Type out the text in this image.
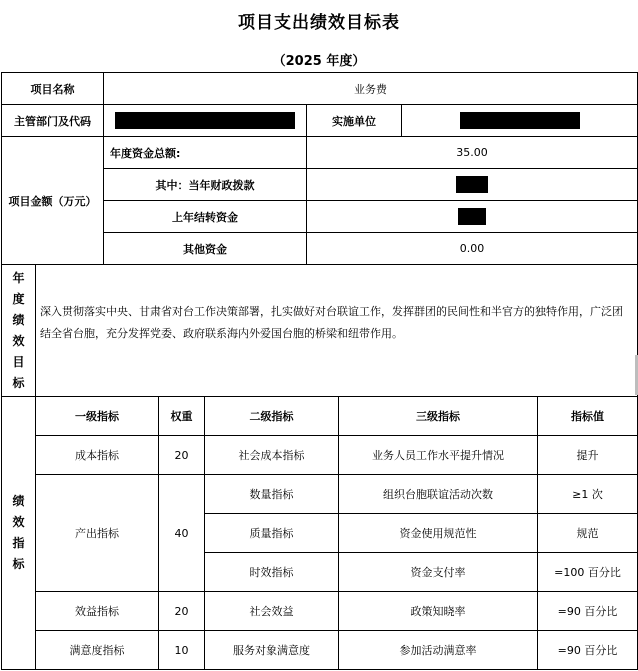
项目支出绩效目标表
（2025 年度）
项目名称	业务费		
主管部门及代码		实施单位	
项目金额（万元）	年度资金总额:	35.00
	其中：当年财政拨款	
	上年结转资金	
	其他资金	0.00
年度绩效目标
	深入贯彻落实中央、甘肃省对台工作决策部署，扎实做好对台联谊工作，发挥群团的民间性和半官方的独特作用，广泛团结全省台胞，充分发挥党委、政府联系海内外爱国台胞的桥梁和纽带作用。
绩效指标	一级指标	权重	二级指标	三级指标	指标值
	成本指标	20	社会成本指标	业务人员工作水平提升情况	提升
	产出指标	40	数量指标	组织台胞联谊活动次数	≥1 次
			质量指标	资金使用规范性	规范
			时效指标	资金支付率	=100 百分比
	效益指标	20	社会效益	政策知晓率	=90 百分比
	满意度指标	10	服务对象满意度	参加活动满意率	=90 百分比
